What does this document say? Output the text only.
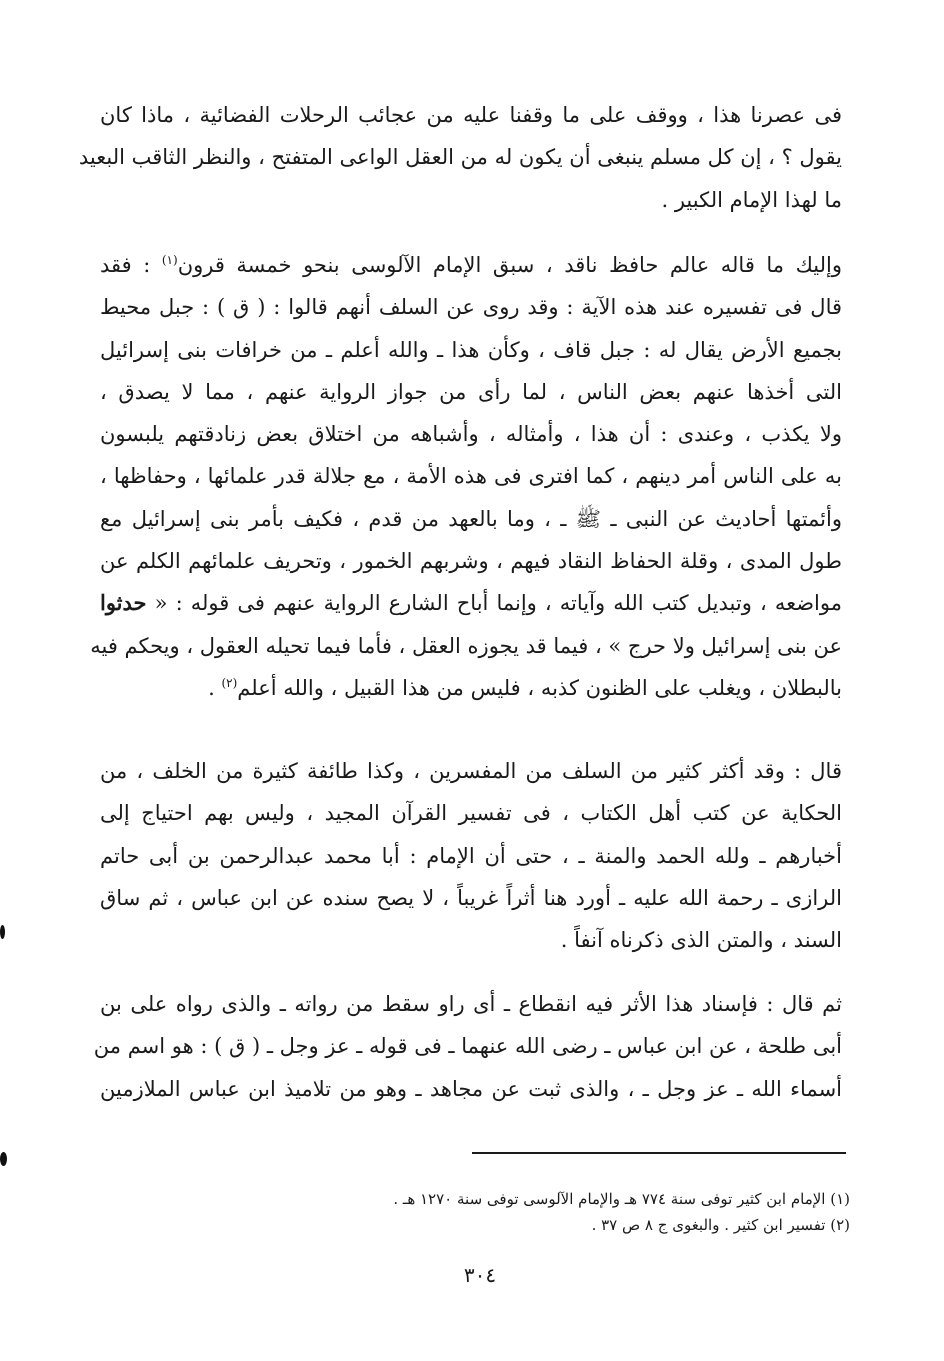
فى عصرنا هذا ، ووقف على ما وقفنا عليه من عجائب الرحلات الفضائية ، ماذا كان
يقول ؟ ، إن كل مسلم ينبغى أن يكون له من العقل الواعى المتفتح ، والنظر الثاقب البعيد
ما لهذا الإمام الكبير .
وإليك ما قاله عالم حافظ ناقد ، سبق الإمام الآلوسى بنحو خمسة قرون$^{(١)}$ : فقد
قال فى تفسيره عند هذه الآية : وقد روى عن السلف أنهم قالوا : ( ق ) : جبل محيط
بجميع الأرض يقال له : جبل قاف ، وكأن هذا ـ والله أعلم ـ من خرافات بنى إسرائيل
التى أخذها عنهم بعض الناس ، لما رأى من جواز الرواية عنهم ، مما لا يصدق ،
ولا يكذب ، وعندى : أن هذا ، وأمثاله ، وأشباهه من اختلاق بعض زنادقتهم يلبسون
به على الناس أمر دينهم ، كما افترى فى هذه الأمة ، مع جلالة قدر علمائها ، وحفاظها ،
وأئمتها أحاديث عن النبى ـ ﷺ ـ ، وما بالعهد من قدم ، فكيف بأمر بنى إسرائيل مع
طول المدى ، وقلة الحفاظ النقاد فيهم ، وشربهم الخمور ، وتحريف علمائهم الكلم عن
مواضعه ، وتبديل كتب الله وآياته ، وإنما أباح الشارع الرواية عنهم فى قوله : « حدثوا
عن بنى إسرائيل ولا حرج » ، فيما قد يجوزه العقل ، فأما فيما تحيله العقول ، ويحكم فيه
بالبطلان ، ويغلب على الظنون كذبه ، فليس من هذا القبيل ، والله أعلم$^{(٢)}$ .
قال : وقد أكثر كثير من السلف من المفسرين ، وكذا طائفة كثيرة من الخلف ، من
الحكاية عن كتب أهل الكتاب ، فى تفسير القرآن المجيد ، وليس بهم احتياج إلى
أخبارهم ـ ولله الحمد والمنة ـ ، حتى أن الإمام : أبا محمد عبدالرحمن بن أبى حاتم
الرازى ـ رحمة الله عليه ـ أورد هنا أثراً غريباً ، لا يصح سنده عن ابن عباس ، ثم ساق
السند ، والمتن الذى ذكرناه آنفاً .
ثم قال : فإسناد هذا الأثر فيه انقطاع ـ أى راو سقط من رواته ـ والذى رواه على بن
أبى طلحة ، عن ابن عباس ـ رضى الله عنهما ـ فى قوله ـ عز وجل ـ ( ق ) : هو اسم من
أسماء الله ـ عز وجل ـ ، والذى ثبت عن مجاهد ـ وهو من تلاميذ ابن عباس الملازمين
(١) الإمام ابن كثير توفى سنة ٧٧٤ هـ والإمام الآلوسى توفى سنة ١٢٧٠ هـ .
(٢) تفسير ابن كثير . والبغوى ج ٨ ص ٣٧ .
٣٠٤
